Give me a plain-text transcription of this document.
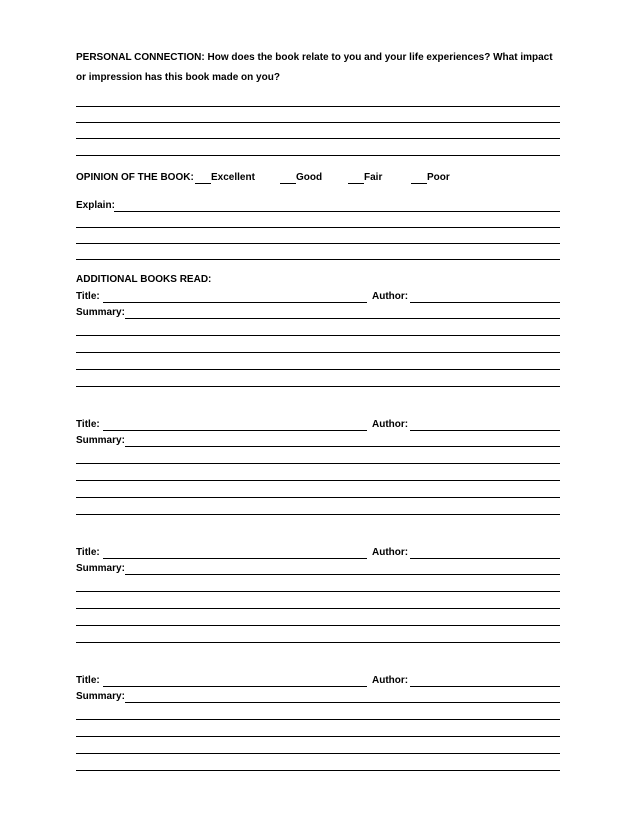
PERSONAL CONNECTION: How does the book relate to you and your life experiences? What impact
or impression has this book made on you?
OPINION OF THE BOOK: Excellent	Good	Fair	Poor
Explain:
ADDITIONAL BOOKS READ:
Title:	Author:
Summary:
Title:	Author:
Summary:
Title:	Author:
Summary:
Title:	Author:
Summary:
